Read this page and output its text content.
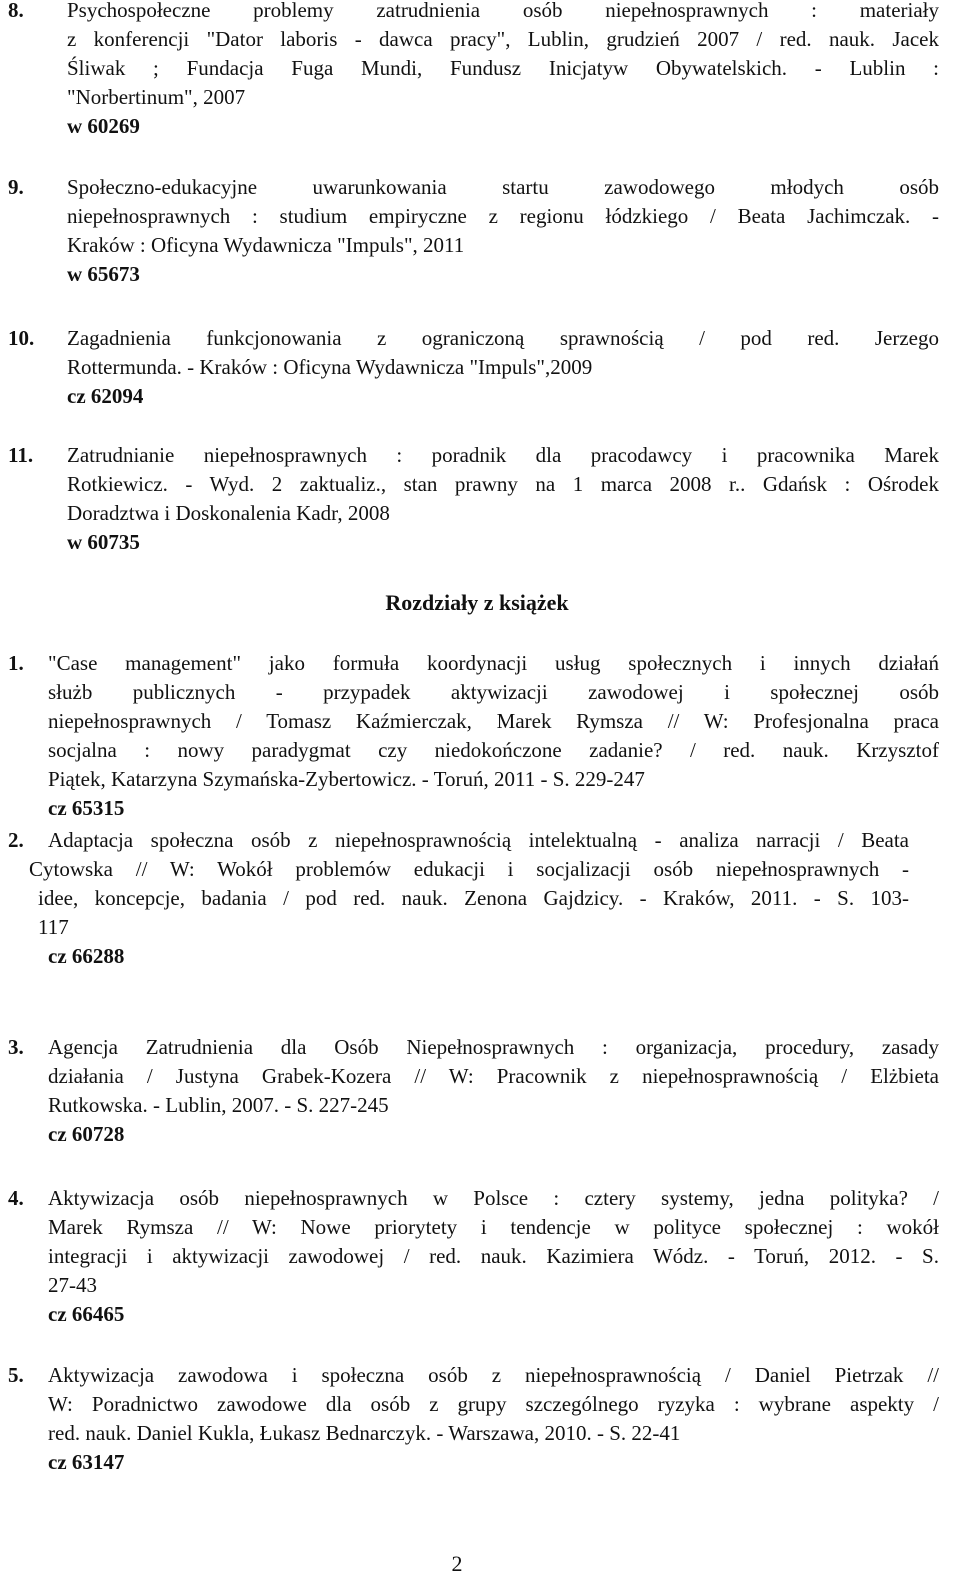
8. Psychospołeczne problemy zatrudnienia osób niepełnosprawnych : materiały
z konferencji "Dator laboris - dawca pracy", Lublin, grudzień 2007 / red. nauk. Jacek
Śliwak ; Fundacja Fuga Mundi, Fundusz Inicjatyw Obywatelskich. - Lublin :
"Norbertinum", 2007
w 60269
9. Społeczno-edukacyjne uwarunkowania startu zawodowego młodych osób
niepełnosprawnych : studium empiryczne z regionu łódzkiego / Beata Jachimczak. -
Kraków : Oficyna Wydawnicza "Impuls", 2011
w 65673
10. Zagadnienia funkcjonowania z ograniczoną sprawnością / pod red. Jerzego
Rottermunda. - Kraków : Oficyna Wydawnicza "Impuls",2009
cz 62094
11. Zatrudnianie niepełnosprawnych : poradnik dla pracodawcy i pracownika Marek
Rotkiewicz. - Wyd. 2 zaktualiz., stan prawny na 1 marca 2008 r.. Gdańsk : Ośrodek
Doradztwa i Doskonalenia Kadr, 2008
w 60735
Rozdziały z książek
1. "Case management" jako formuła koordynacji usług społecznych i innych działań
służb publicznych - przypadek aktywizacji zawodowej i społecznej osób
niepełnosprawnych / Tomasz Kaźmierczak, Marek Rymsza // W: Profesjonalna praca
socjalna : nowy paradygmat czy niedokończone zadanie? / red. nauk. Krzysztof
Piątek, Katarzyna Szymańska-Zybertowicz. - Toruń, 2011 - S. 229-247
cz 65315
2.	Adaptacja społeczna osób z niepełnosprawnością intelektualną - analiza narracji / Beata
Cytowska // W: Wokół problemów edukacji i socjalizacji osób niepełnosprawnych -
idee, koncepcje, badania / pod red. nauk. Zenona Gajdzicy. - Kraków, 2011. - S. 103-
117
cz 66288
3. Agencja Zatrudnienia dla Osób Niepełnosprawnych : organizacja, procedury, zasady
działania / Justyna Grabek-Kozera // W: Pracownik z niepełnosprawnością / Elżbieta
Rutkowska. - Lublin, 2007. - S. 227-245
cz 60728
4. Aktywizacja osób niepełnosprawnych w Polsce : cztery systemy, jedna polityka? /
Marek Rymsza // W: Nowe priorytety i tendencje w polityce społecznej : wokół
integracji i aktywizacji zawodowej / red. nauk. Kazimiera Wódz. - Toruń, 2012. - S.
27-43
cz 66465
5. Aktywizacja zawodowa i społeczna osób z niepełnosprawnością / Daniel Pietrzak //
W: Poradnictwo zawodowe dla osób z grupy szczególnego ryzyka : wybrane aspekty /
red. nauk. Daniel Kukla, Łukasz Bednarczyk. - Warszawa, 2010. - S. 22-41
cz 63147
2
